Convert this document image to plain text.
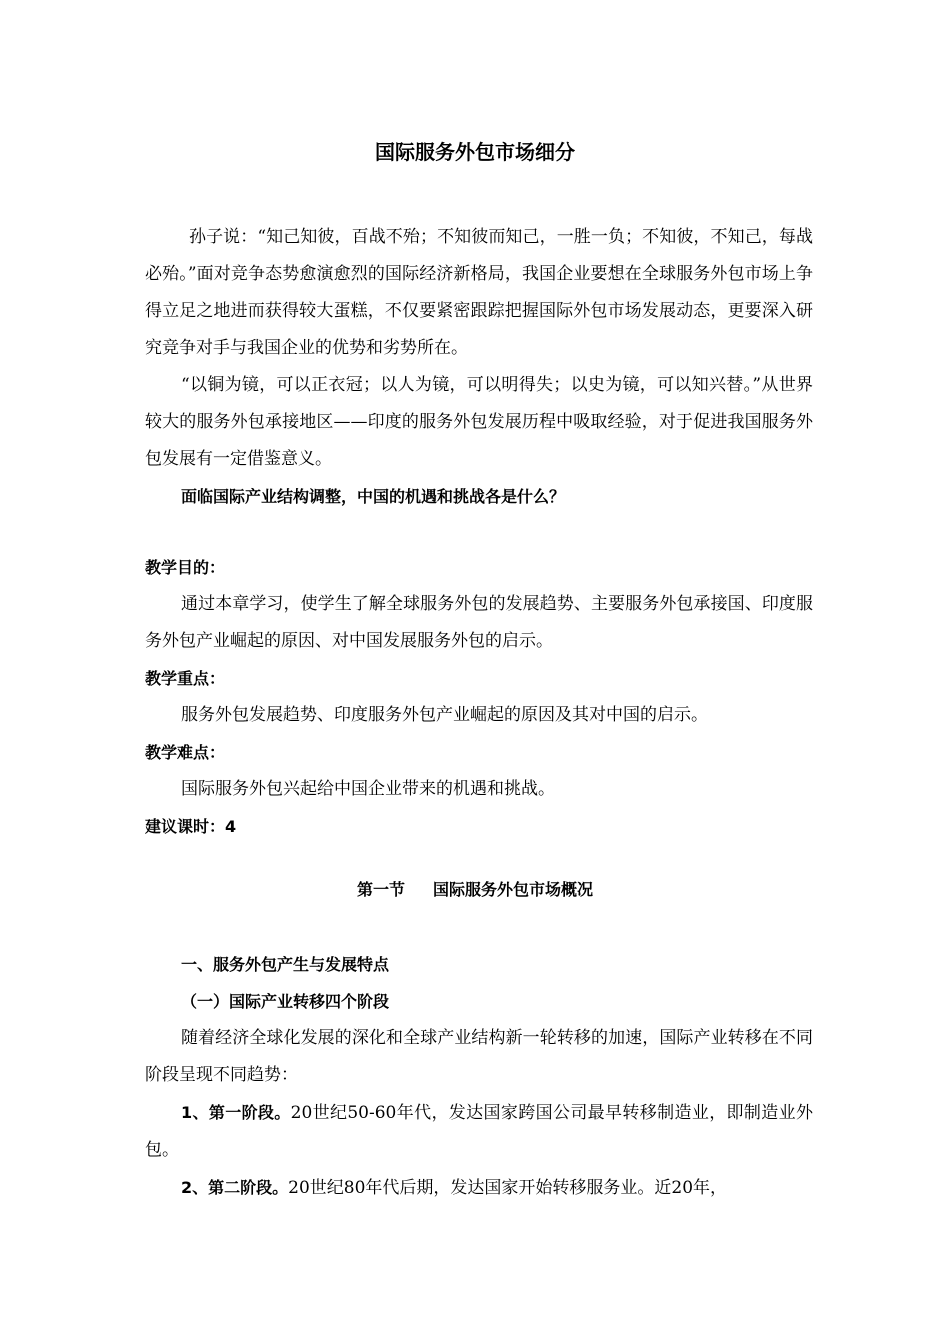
国际服务外包市场细分

孙子说：“知己知彼，百战不殆；不知彼而知己，一胜一负；不知彼，不知己，每战必殆。”面对竞争态势愈演愈烈的国际经济新格局，我国企业要想在全球服务外包市场上争得立足之地进而获得较大蛋糕，不仅要紧密跟踪把握国际外包市场发展动态，更要深入研究竞争对手与我国企业的优势和劣势所在。

“以铜为镜，可以正衣冠；以人为镜，可以明得失；以史为镜，可以知兴替。”从世界较大的服务外包承接地区——印度的服务外包发展历程中吸取经验，对于促进我国服务外包发展有一定借鉴意义。

面临国际产业结构调整，中国的机遇和挑战各是什么？

教学目的：

通过本章学习，使学生了解全球服务外包的发展趋势、主要服务外包承接国、印度服务外包产业崛起的原因、对中国发展服务外包的启示。

教学重点：

服务外包发展趋势、印度服务外包产业崛起的原因及其对中国的启示。

教学难点：

国际服务外包兴起给中国企业带来的机遇和挑战。

建议课时：4

第一节 国际服务外包市场概况

一、服务外包产生与发展特点

（一）国际产业转移四个阶段

随着经济全球化发展的深化和全球产业结构新一轮转移的加速，国际产业转移在不同阶段呈现不同趋势：

1、第一阶段。20世纪50-60年代，发达国家跨国公司最早转移制造业，即制造业外包。

2、第二阶段。20世纪80年代后期，发达国家开始转移服务业。近20年，
